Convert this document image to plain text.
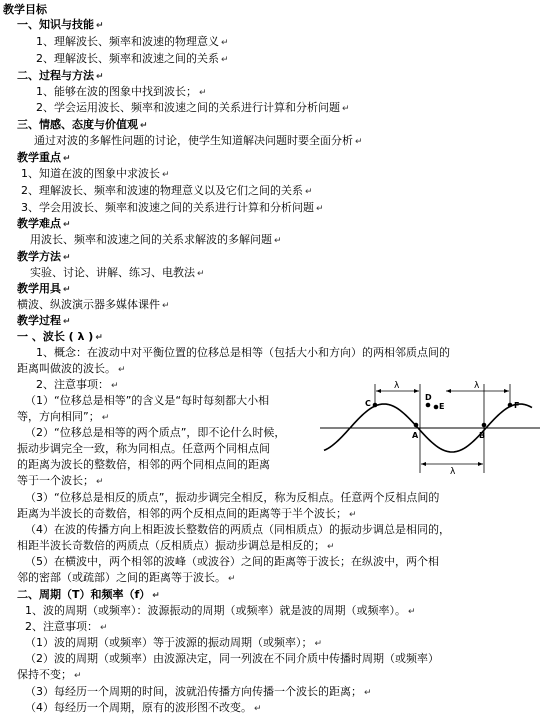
教学目标
一、知识与技能 ↵
1、理解波长、频率和波速的物理意义 ↵
2、理解波长、频率和波速之间的关系 ↵
二、过程与方法 ↵
1、能够在波的图象中找到波长； ↵
2、学会运用波长、频率和波速之间的关系进行计算和分析问题 ↵
三、情感、态度与价值观 ↵
通过对波的多解性问题的讨论，使学生知道解决问题时要全面分析 ↵
教学重点 ↵
1、知道在波的图象中求波长 ↵
2、理解波长、频率和波速的物理意义以及它们之间的关系 ↵
3、学会用波长、频率和波速之间的关系进行计算和分析问题 ↵
教学难点 ↵
用波长、频率和波速之间的关系求解波的多解问题 ↵
教学方法 ↵
实验、讨论、讲解、练习、电教法 ↵
教学用具 ↵
横波、纵波演示器多媒体课件 ↵
教学过程 ↵
一 、波长 ( λ ) ↵
1、概念：在波动中对平衡位置的位移总是相等（包括大小和方向）的两相邻质点间的
距离叫做波的波长。 ↵
2、注意事项： ↵
（1）“位移总是相等”的含义是“每时每刻都大小相
等，方向相同”； ↵
（2）“位移总是相等的两个质点”，即不论什么时候，
振动步调完全一致，称为同相点。任意两个同相点间
的距离为波长的整数倍，相邻的两个同相点间的距离
等于一个波长； ↵
（3）“位移总是相反的质点”，振动步调完全相反，称为反相点。任意两个反相点间的
距离为半波长的奇数倍，相邻的两个反相点间的距离等于半个波长； ↵
（4）在波的传播方向上相距波长整数倍的两质点（同相质点）的振动步调总是相同的，
相距半波长奇数倍的两质点（反相质点）振动步调总是相反的； ↵
（5）在横波中，两个相邻的波峰（或波谷）之间的距离等于波长；在纵波中，两个相
邻的密部（或疏部）之间的距离等于波长。 ↵
二、周期（T）和频率（f） ↵
1、波的周期（或频率）：波源振动的周期（或频率）就是波的周期（或频率）。 ↵
2、注意事项： ↵
（1）波的周期（或频率）等于波源的振动周期（或频率）； ↵
（2）波的周期（或频率）由波源决定，同一列波在不同介质中传播时周期（或频率）
保持不变； ↵
（3）每经历一个周期的时间，波就沿传播方向传播一个波长的距离； ↵
（4）每经历一个周期，原有的波形图不改变。 ↵
λ	λ
λ
C
A
D
E
B
F
